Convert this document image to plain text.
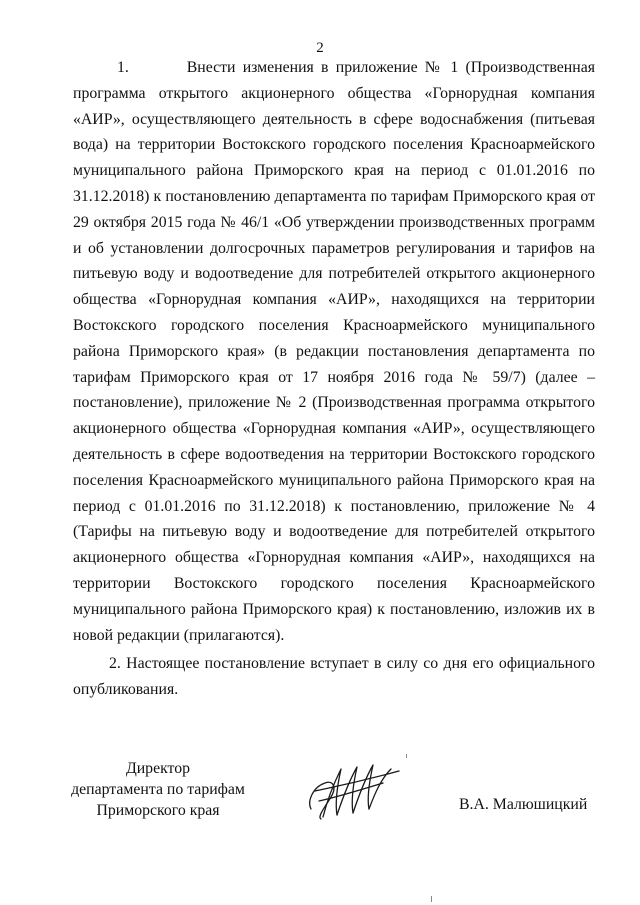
2

1.        Внести изменения в приложение № 1 (Производственная программа открытого акционерного общества «Горнорудная компания «АИР», осуществляющего деятельность в сфере водоснабжения (питьевая вода) на территории Востокского городского поселения Красноармейского муниципального района Приморского края на период с 01.01.2016 по 31.12.2018) к постановлению департамента по тарифам Приморского края от 29 октября 2015 года № 46/1 «Об утверждении производственных программ и об установлении долгосрочных параметров регулирования и тарифов на питьевую воду и водоотведение для потребителей открытого акционерного общества «Горнорудная компания «АИР», находящихся на территории Востокского городского поселения Красноармейского муниципального района Приморского края» (в редакции постановления департамента по тарифам Приморского края от 17 ноября 2016 года № 59/7) (далее – постановление), приложение № 2 (Производственная программа открытого акционерного общества «Горнорудная компания «АИР», осуществляющего деятельность в сфере водоотведения на территории Востокского городского поселения Красноармейского муниципального района Приморского края на период с 01.01.2016 по 31.12.2018) к постановлению, приложение № 4 (Тарифы на питьевую воду и водоотведение для потребителей открытого акционерного общества «Горнорудная компания «АИР», находящихся на территории Востокского городского поселения Красноармейского муниципального района Приморского края) к постановлению, изложив их в новой редакции (прилагаются).

2. Настоящее постановление вступает в силу со дня его официального опубликования.

Директор
департамента по тарифам
Приморского края	В.А. Малюшицкий
